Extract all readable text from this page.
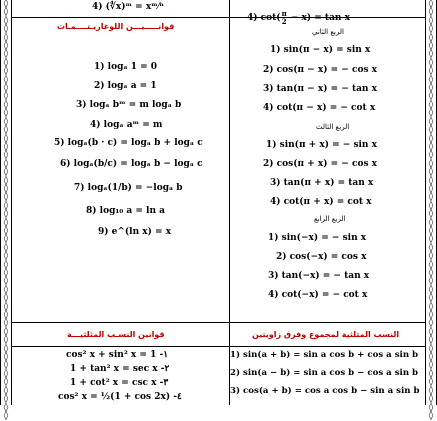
◊
◊
◊
◊
◊
◊
◊
◊
◊
◊
◊
◊
◊
◊
◊
◊
◊
◊
◊
◊
◊
◊
◊
◊
◊
◊
◊
◊
◊
◊
◊
◊
◊
◊
◊
◊
◊
◊
◊
◊
◊
◊
◊
◊
◊
◊
◊
◊
◊
◊

◊
◊
◊
◊
◊
◊
◊
◊
◊
◊
◊
◊
◊
◊
◊
◊
◊
◊
◊
◊
◊
◊
◊
◊
◊
◊
◊
◊
◊
◊
◊
◊
◊
◊
◊
◊
◊
◊
◊
◊
◊
◊
◊
◊
◊
◊
◊
◊
◊
◊

4) (∜x)ᵐ = xᵐ⁄ⁿ
4) $\cot( \frac{\pi}{2} - x) = \tan x$
قوانـــــيـــن اللوغاريـتــــمـات
1) logₐ 1 = 0
2) logₐ a = 1
3) logₐ bᵐ = m logₐ b
4) logₐ aᵐ = m
5) logₐ(b · c) = logₐ b + logₐ c
6) logₐ(b/c) = logₐ b − logₐ c
7) logₐ(1/b) = −logₐ b
8) log₁₀ a = ln a
9) e^(ln x) = x
الربع الثاني
1) sin(π − x) = sin x
2) cos(π − x) = − cos x
3) tan(π − x) = − tan x
4) cot(π − x) = − cot x
الربع الثالث
1) sin(π + x) = − sin x
2) cos(π + x) = − cos x
3) tan(π + x) = tan x
4) cot(π + x) = cot x
الربع الرابع
1) sin(−x) = − sin x
2) cos(−x) = cos x
3) tan(−x) = − tan x
4) cot(−x) = − cot x
قوانين النسـب المثلثيـــة	النسب المثلثية لمجموع وفرق زاويتين
cos² x + sin² x = 1 -١
1 + tan² x = sec x -٢
1 + cot² x = csc x -٣
cos² x = ½(1 + cos 2x) -٤
1) sin(a + b) = sin a cos b + cos a sin b
2) sin(a − b) = sin a cos b − cos a sin b
3) cos(a + b) = cos a cos b − sin a sin b
